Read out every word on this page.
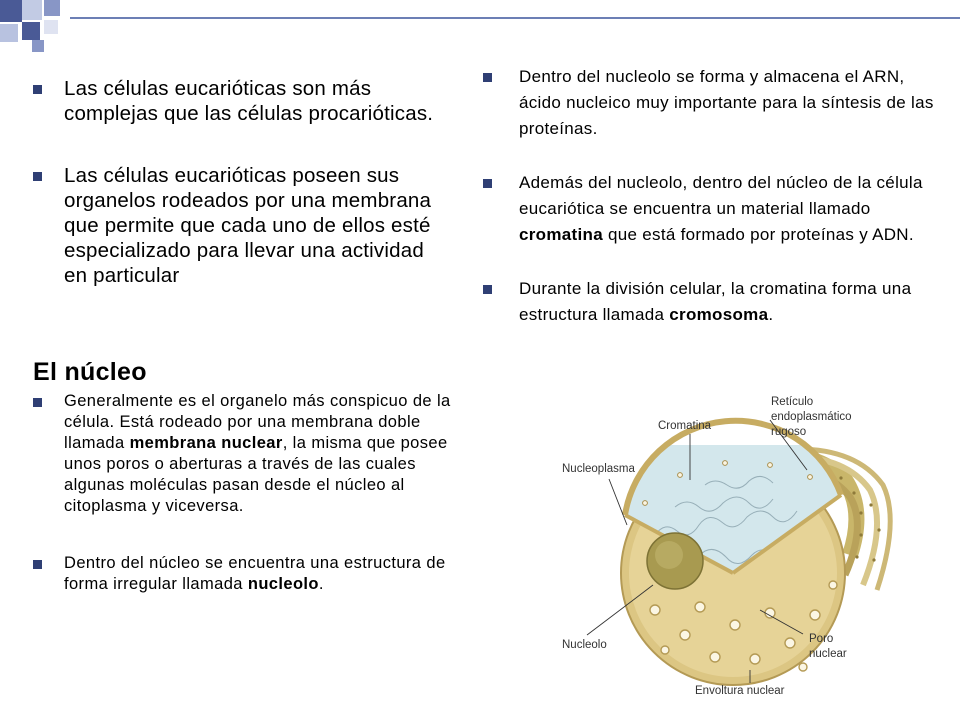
Las células eucarióticas son más complejas que las células procarióticas.
Las células eucarióticas poseen sus organelos rodeados por una membrana que permite que cada uno de ellos esté especializado para llevar una actividad en particular
El núcleo
Generalmente es el organelo más conspicuo de la célula. Está rodeado por una membrana doble llamada membrana nuclear, la misma que posee unos poros o aberturas a través de las cuales algunas moléculas pasan desde el núcleo al citoplasma y viceversa.
Dentro del núcleo se encuentra una estructura de forma irregular llamada nucleolo.
Dentro del nucleolo se forma y almacena el ARN, ácido nucleico muy importante para la síntesis de las proteínas.
Además del nucleolo, dentro del núcleo de la célula eucariótica se encuentra un material llamado cromatina que está formado por proteínas y ADN.
Durante la división celular, la cromatina forma una estructura llamada cromosoma.
Cromatina
Retículo
endoplasmático
rugoso
Nucleoplasma
Nucleolo	Poro
nuclear
Envoltura nuclear
